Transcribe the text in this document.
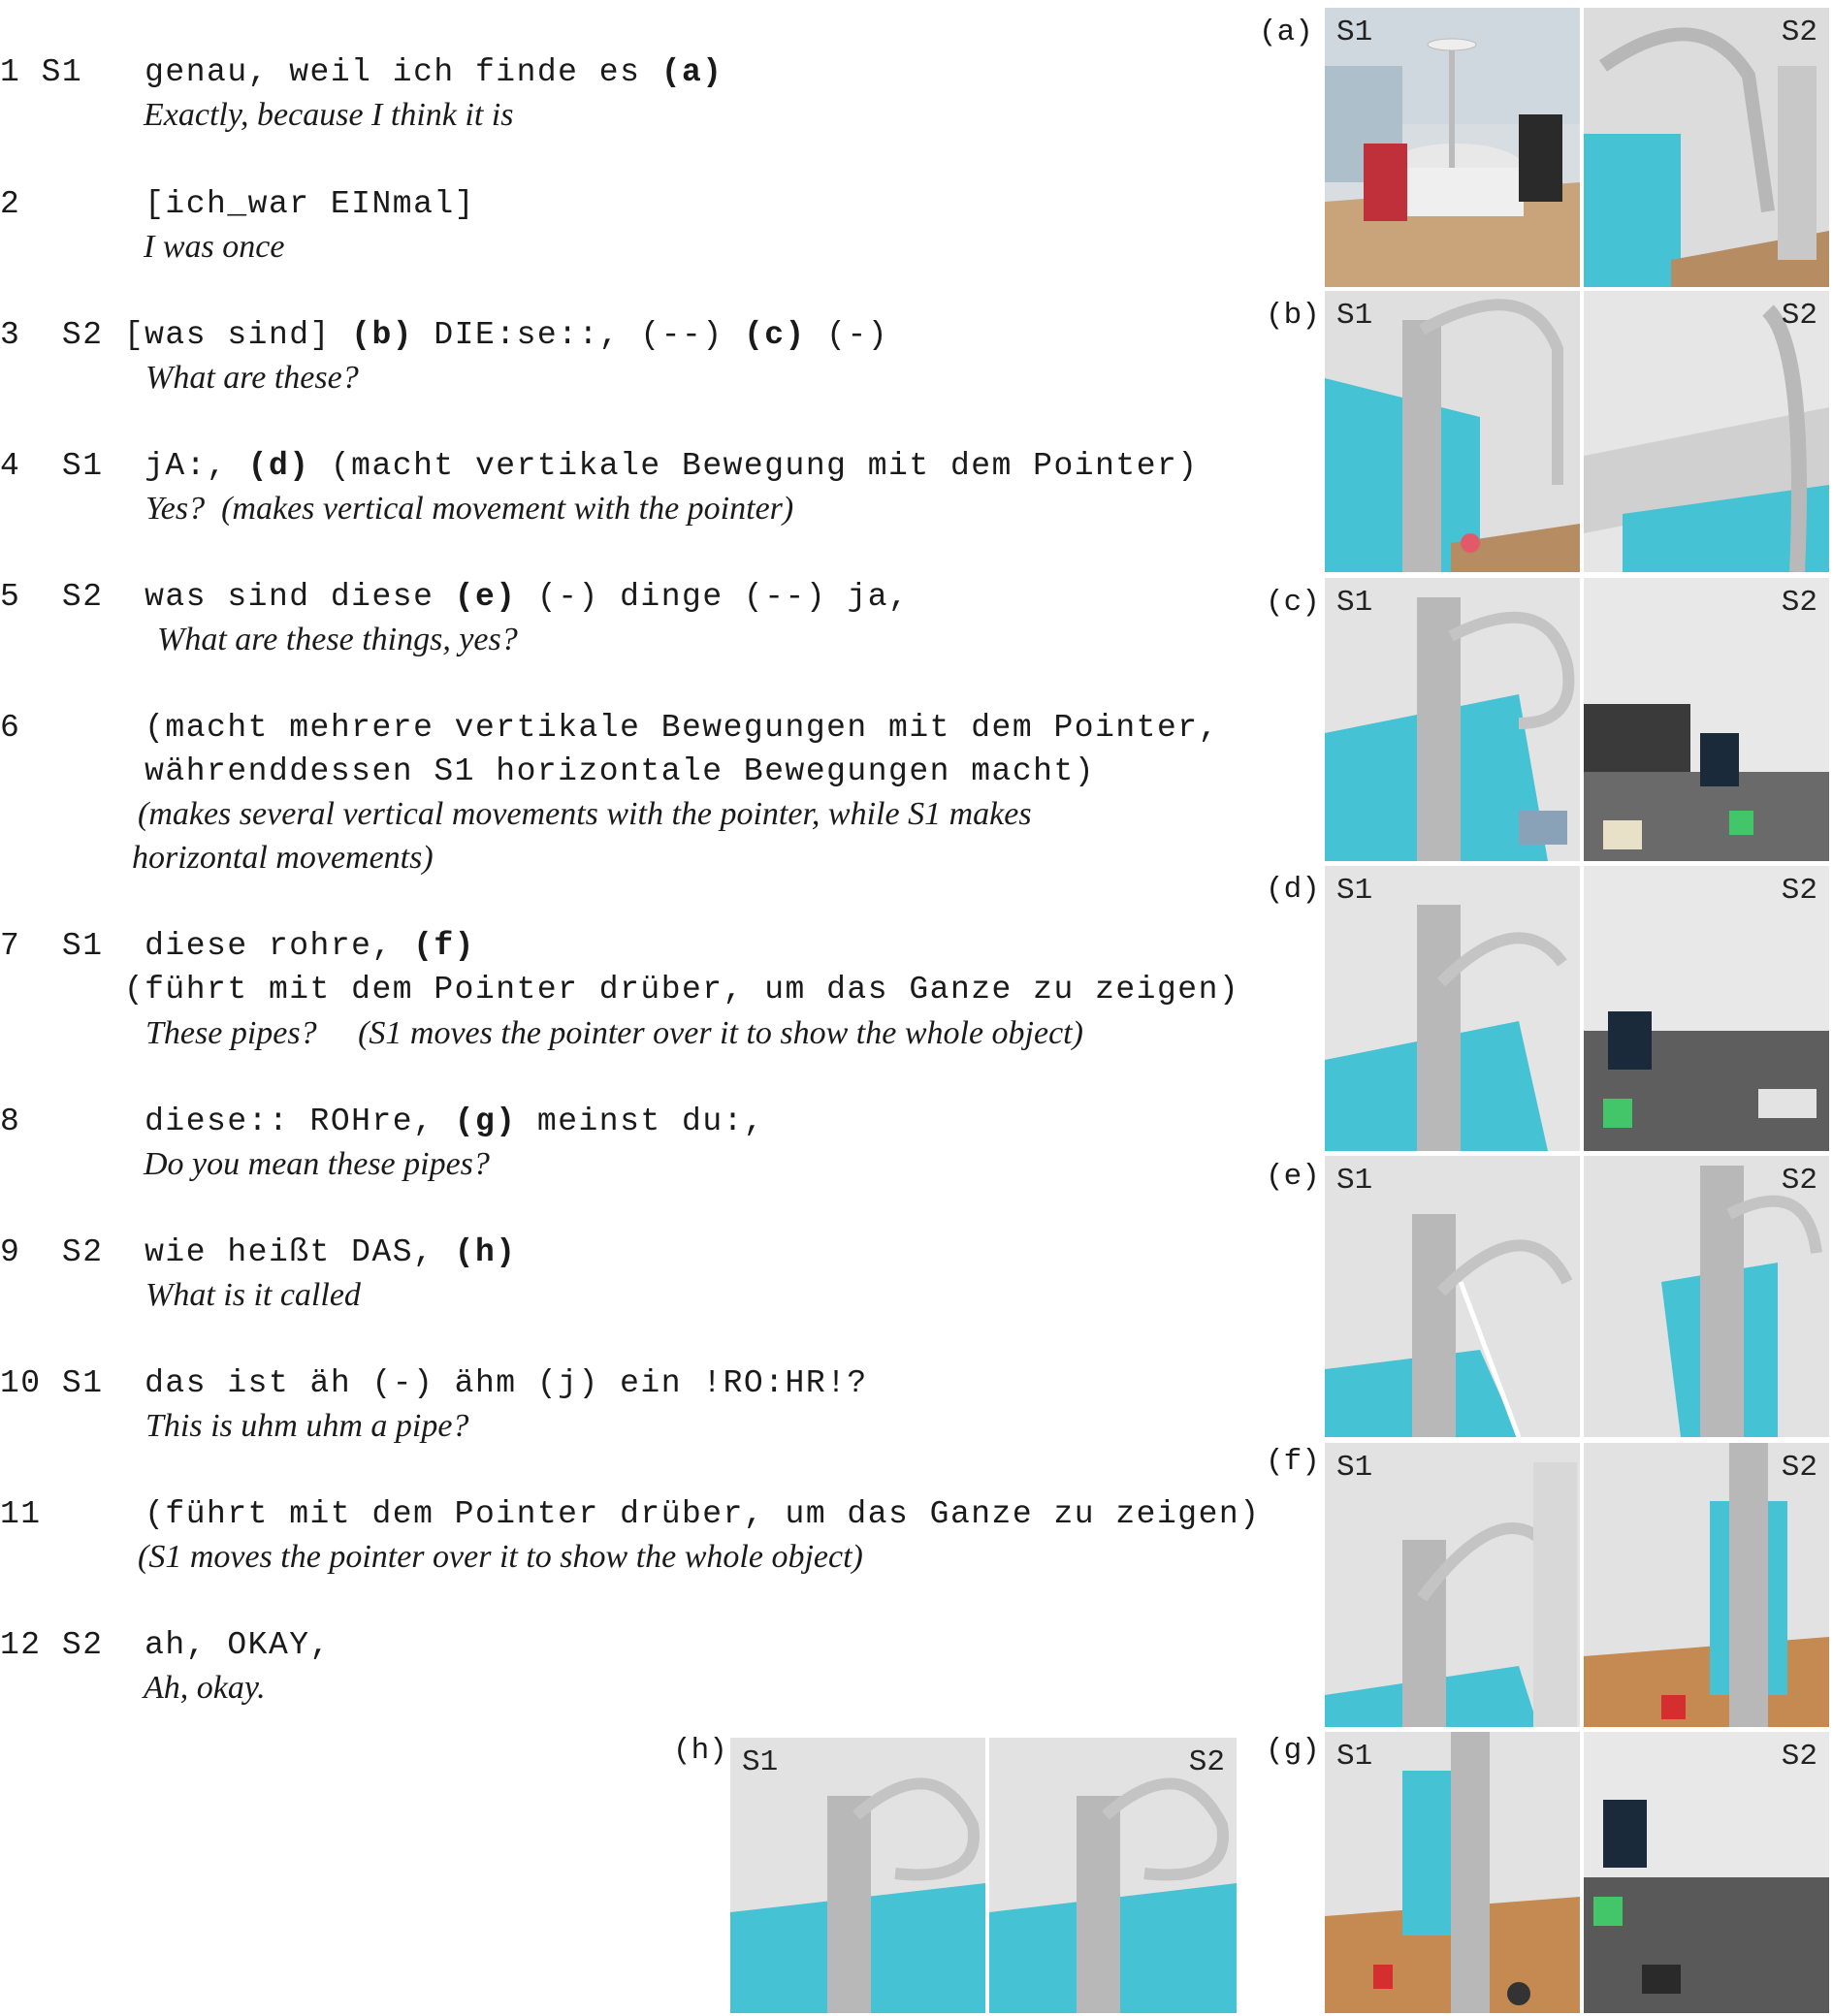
1 S1   genau, weil ich finde es (a)
Exactly, because I think it is
2      [ich_war EINmal]
I was once
3  S2 [was sind] (b) DIE:se::, (--) (c) (-)
What are these?
4  S1  jA:, (d) (macht vertikale Bewegung mit dem Pointer)
Yes?  (makes vertical movement with the pointer)
5  S2  was sind diese (e) (-) dinge (--) ja,
What are these things, yes?
6      (macht mehrere vertikale Bewegungen mit dem Pointer,
währenddessen S1 horizontale Bewegungen macht)
(makes several vertical movements with the pointer, while S1 makes
horizontal movements)
7  S1  diese rohre, (f)
(führt mit dem Pointer drüber, um das Ganze zu zeigen)
These pipes?     (S1 moves the pointer over it to show the whole object)
8      diese:: ROHre, (g) meinst du:,
Do you mean these pipes?
9  S2  wie heißt DAS, (h)
What is it called
10 S1  das ist äh (-) ähm (j) ein !RO:HR!?
This is uhm uhm a pipe?
11     (führt mit dem Pointer drüber, um das Ganze zu zeigen)
(S1 moves the pointer over it to show the whole object)
12 S2  ah, OKAY,
Ah, okay.
(a) S1	S2
(b) S1	S2
(c) S1	S2
(d) S1	S2
(e) S1	S2
(f) S1	S2
(g) S1	S2
(h) S1	S2
